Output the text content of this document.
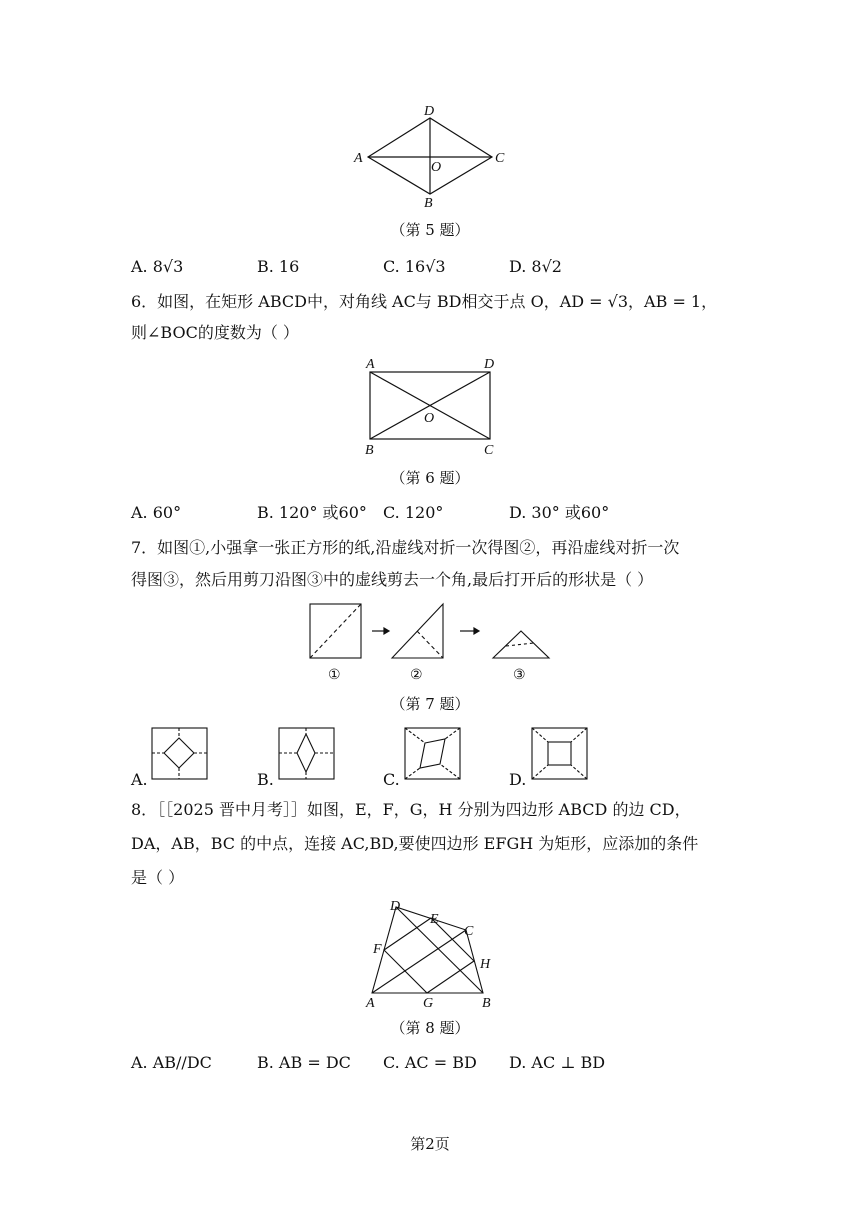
D
A	C
B
O
（第 5 题）
A. 8√3	B. 16	C. 16√3	D. 8√2
6．如图，在矩形 ABCD中，对角线 AC与 BD相交于点 O，AD = √3，AB = 1，
则∠BOC的度数为（ ）
A	D
B	C
O
（第 6 题）
A. 60°	B. 120° 或60° C. 120°	D. 30° 或60°
7．如图①,小强拿一张正方形的纸,沿虚线对折一次得图②，再沿虚线对折一次
得图③，然后用剪刀沿图③中的虚线剪去一个角,最后打开后的形状是（ ）
①	②	③
（第 7 题）
A.	B.	C.	D.
8．［［2025 晋中月考］］如图，E，F，G，H 分别为四边形 ABCD 的边 CD，
DA，AB，BC 的中点，连接 AC,BD,要使四边形 EFGH 为矩形，应添加的条件
是（ ）
D
E
C
F
H
A	G	B
（第 8 题）
A. AB//DC	B. AB = DC C. AC = BD D. AC ⊥ BD
第2页
